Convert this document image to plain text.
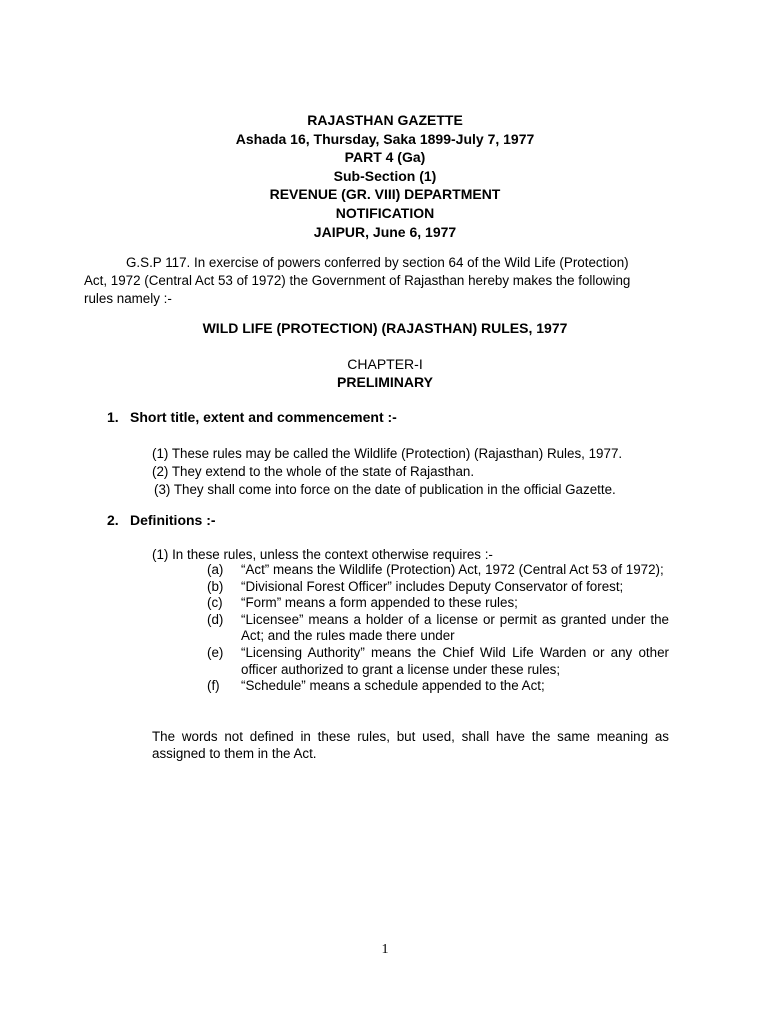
RAJASTHAN GAZETTE
Ashada 16, Thursday, Saka 1899-July 7, 1977
PART 4 (Ga)
Sub-Section (1)
REVENUE (GR. VIII) DEPARTMENT
NOTIFICATION
JAIPUR, June 6, 1977
G.S.P 117. In exercise of powers conferred by section 64 of the Wild Life (Protection)
Act, 1972 (Central Act 53 of 1972) the Government of Rajasthan hereby makes the following
rules namely :-
WILD LIFE (PROTECTION) (RAJASTHAN) RULES, 1977
CHAPTER-I
PRELIMINARY
1. Short title, extent and commencement :-
(1) These rules may be called the Wildlife (Protection) (Rajasthan) Rules, 1977.
(2) They extend to the whole of the state of Rajasthan.
(3) They shall come into force on the date of publication in the official Gazette.
2. Definitions :-
(1) In these rules, unless the context otherwise requires :-
(a)	“Act” means the Wildlife (Protection) Act, 1972 (Central Act 53 of 1972);
(b)	“Divisional Forest Officer” includes Deputy Conservator of forest;
(c)	“Form” means a form appended to these rules;
(d)	“Licensee” means a holder of a license or permit as granted under the Act; and the rules made there under
(e)	“Licensing Authority” means the Chief Wild Life Warden or any other officer authorized to grant a license under these rules;
(f)	“Schedule” means a schedule appended to the Act;
The words not defined in these rules, but used, shall have the same meaning as assigned to them in the Act.
1
